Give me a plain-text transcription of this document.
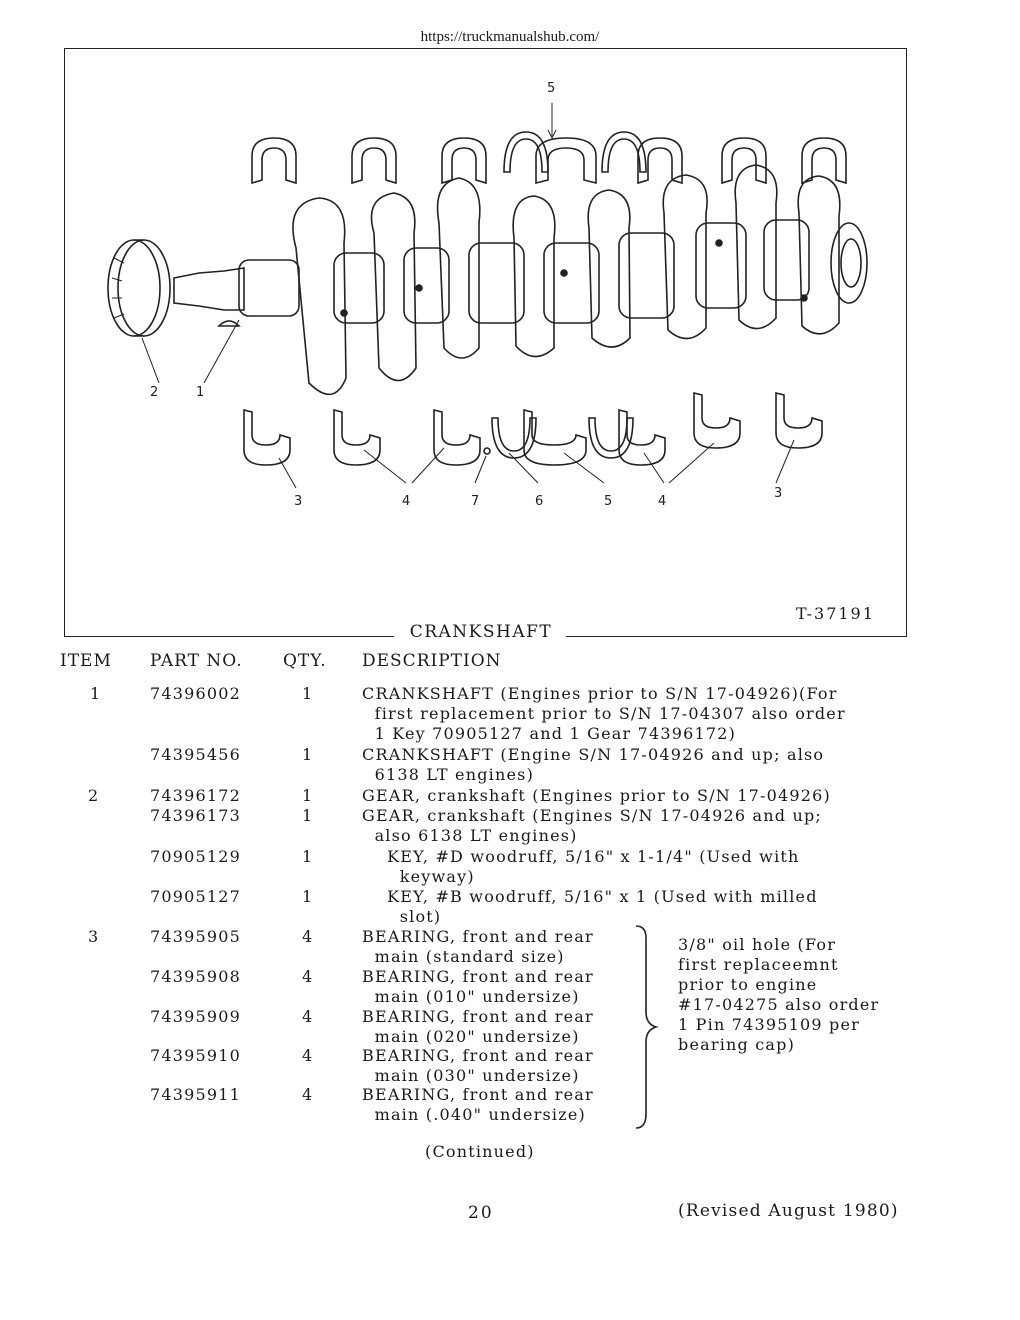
https://truckmanualshub.com/
5
2	1
3	4	7	6	5	4
3
T-37191
CRANKSHAFT
ITEM PART NO. QTY. DESCRIPTION
1	74396002	1	CRANKSHAFT (Engines prior to S/N 17-04926)(For
first replacement prior to S/N 17-04307 also order
1 Key 70905127 and 1 Gear 74396172)
74395456	1	CRANKSHAFT (Engine S/N 17-04926 and up; also
6138 LT engines)
2	74396172	1	GEAR, crankshaft (Engines prior to S/N 17-04926)
74396173	1	GEAR, crankshaft (Engines S/N 17-04926 and up;
also 6138 LT engines)
70905129	1	KEY, #D woodruff, 5/16" x 1-1/4" (Used with
keyway)
70905127	1	KEY, #B woodruff, 5/16" x 1 (Used with milled
slot)
3	74395905	4	BEARING, front and rear
main (standard size)
74395908	4	BEARING, front and rear
main (010" undersize)
74395909	4	BEARING, front and rear
main (020" undersize)
74395910	4	BEARING, front and rear
main (030" undersize)
74395911	4	BEARING, front and rear
main (.040" undersize)
3/8" oil hole (For
first replaceemnt
prior to engine
#17-04275 also order
1 Pin 74395109 per
bearing cap)
(Continued)
20	(Revised August 1980)
